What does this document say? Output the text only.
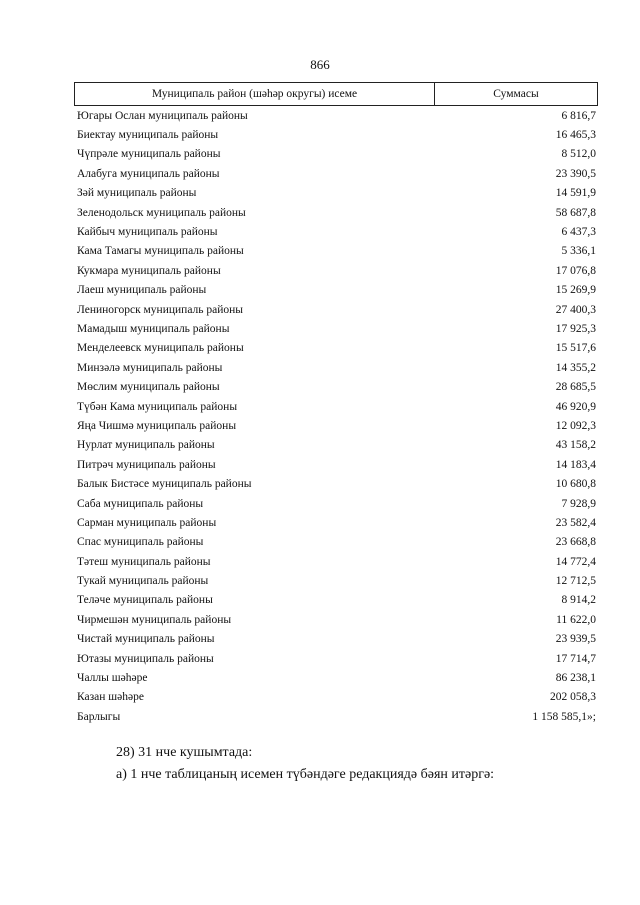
866
Муниципаль район (шәһәр округы) исеме	Суммасы
Югары Ослан муниципаль районы	6 816,7
Биектау муниципаль районы	16 465,3
Чүпрәле муниципаль районы	8 512,0
Алабуга муниципаль районы	23 390,5
Зәй муниципаль районы	14 591,9
Зеленодольск муниципаль районы	58 687,8
Кайбыч муниципаль районы	6 437,3
Кама Тамагы муниципаль районы	5 336,1
Кукмара муниципаль районы	17 076,8
Лаеш муниципаль районы	15 269,9
Лениногорск муниципаль районы	27 400,3
Мамадыш муниципаль районы	17 925,3
Менделеевск муниципаль районы	15 517,6
Минзәлә муниципаль районы	14 355,2
Мөслим муниципаль районы	28 685,5
Түбән Кама муниципаль районы	46 920,9
Яңа Чишмә муниципаль районы	12 092,3
Нурлат муниципаль районы	43 158,2
Питрәч муниципаль районы	14 183,4
Балык Бистәсе муниципаль районы	10 680,8
Саба муниципаль районы	7 928,9
Сарман муниципаль районы	23 582,4
Спас муниципаль районы	23 668,8
Тәтеш муниципаль районы	14 772,4
Тукай муниципаль районы	12 712,5
Теләче муниципаль районы	8 914,2
Чирмешән муниципаль районы	11 622,0
Чистай муниципаль районы	23 939,5
Ютазы муниципаль районы	17 714,7
Чаллы шәһәре	86 238,1
Казан шәһәре	202 058,3
Барлыгы	1 158 585,1»;
28) 31 нче кушымтада:
а) 1 нче таблицаның исемен түбәндәге редакциядә бәян итәргә:
